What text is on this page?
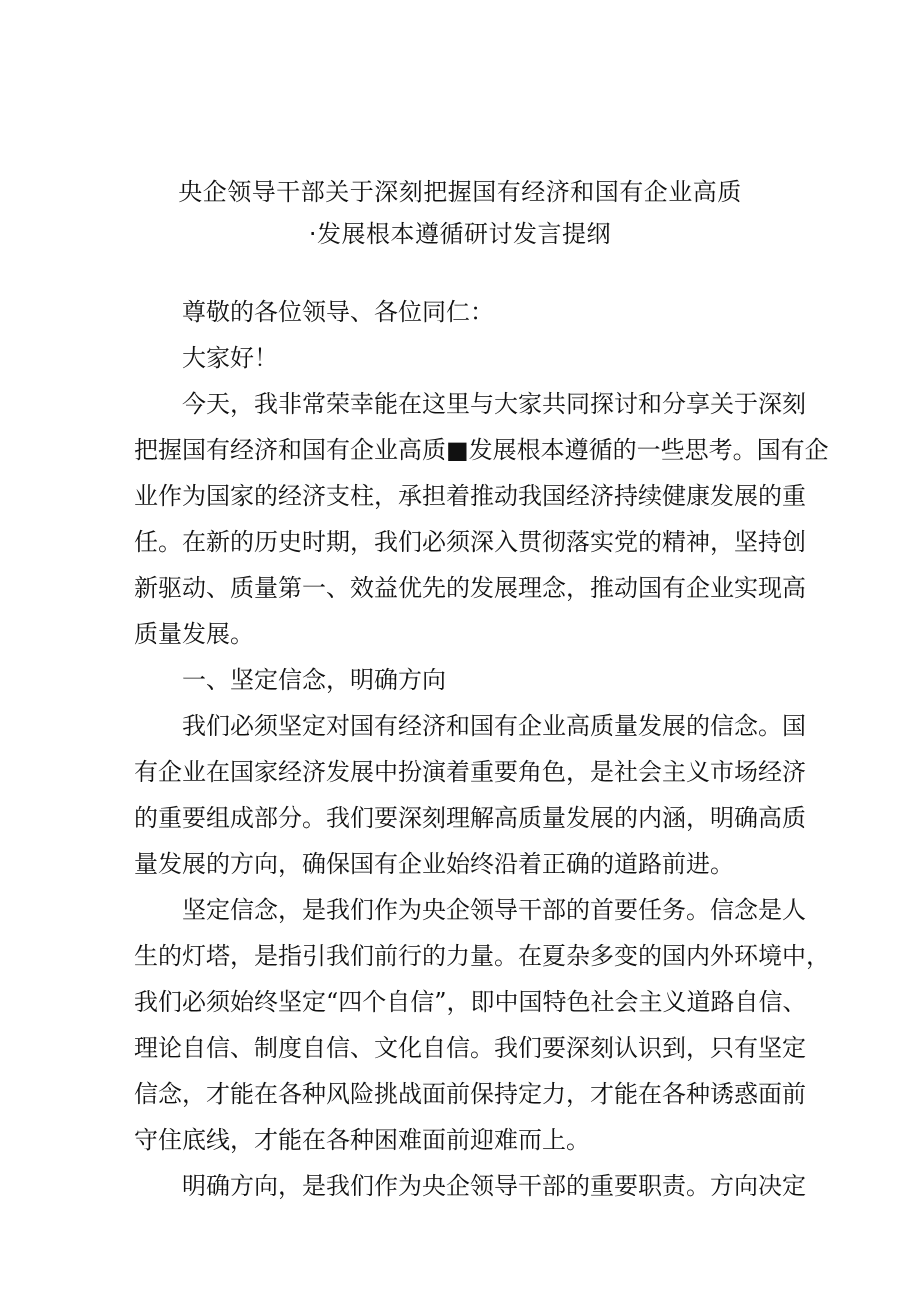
央企领导干部关于深刻把握国有经济和国有企业高质
·发展根本遵循研讨发言提纲
尊敬的各位领导、各位同仁：
大家好！
今天，我非常荣幸能在这里与大家共同探讨和分享关于深刻
把握国有经济和国有企业高质■发展根本遵循的一些思考。国有企
业作为国家的经济支柱，承担着推动我国经济持续健康发展的重
任。在新的历史时期，我们必须深入贯彻落实党的精神，坚持创
新驱动、质量第一、效益优先的发展理念，推动国有企业实现高
质量发展。
一、坚定信念，明确方向
我们必须坚定对国有经济和国有企业高质量发展的信念。国
有企业在国家经济发展中扮演着重要角色，是社会主义市场经济
的重要组成部分。我们要深刻理解高质量发展的内涵，明确高质
量发展的方向，确保国有企业始终沿着正确的道路前进。
坚定信念，是我们作为央企领导干部的首要任务。信念是人
生的灯塔，是指引我们前行的力量。在夏杂多变的国内外环境中，
我们必须始终坚定“四个自信”，即中国特色社会主义道路自信、
理论自信、制度自信、文化自信。我们要深刻认识到，只有坚定
信念，才能在各种风险挑战面前保持定力，才能在各种诱惑面前
守住底线，才能在各种困难面前迎难而上。
明确方向，是我们作为央企领导干部的重要职责。方向决定
